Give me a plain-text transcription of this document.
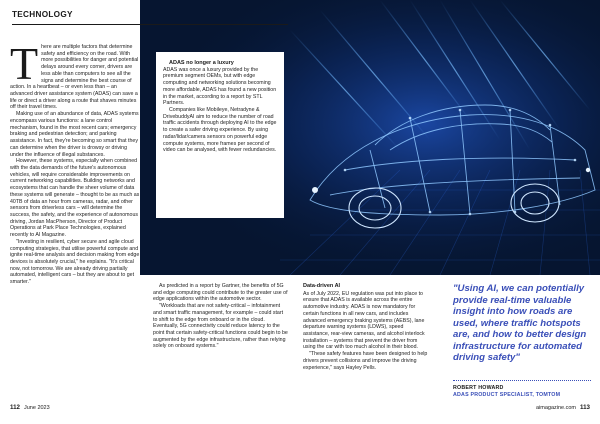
TECHNOLOGY

ADAS no longer a luxury

ADAS was once a luxury provided by the premium segment OEMs, but with edge computing and networking solutions becoming more affordable, ADAS has found a new position in the market, according to a report by STL Partners.

Companies like Mobileye, Netradyne & DrivebuddyAI aim to reduce the number of road traffic accidents through deploying AI to the edge to create a safer driving experience. By using radar/lidar/camera sensors on powerful edge compute systems, more frames per second of video can be analysed, with fewer redundancies.

T here are multiple factors that determine safety and efficiency on the road. With more possibilities for danger and potential delays around every corner, drivers are less able than computers to see all the signs and determine the best course of action. In a heartbeat – or even less than – an advanced driver assistance system (ADAS) can save a life or direct a driver along a route that shaves minutes off their travel times.

Making use of an abundance of data, ADAS systems encompass various functions: a lane control mechanism, found in the most recent cars; emergency braking and pedestrian detection; and parking assistance. In fact, they're becoming so smart that they can determine when the driver is drowsy or driving under the influence of illegal substances.

However, these systems, especially when combined with the data demands of the future's autonomous vehicles, will require considerable improvements on current networking capabilities. Building networks and ecosystems that can handle the sheer volume of data these systems will generate – thought to be as much as 40TB of data an hour from cameras, radar, and other sensors from driverless cars – will determine the success, the safety, and the experience of autonomous driving, Jordan MacPherson, Director of Product Operations at Park Place Technologies, explained recently to AI Magazine.

"Investing in resilient, cyber secure and agile cloud computing strategies, that utilise powerful compute and ignite real-time analysis and decision making from edge devices is absolutely crucial," he explains. "It's critical now, not tomorrow. We are already driving partially automated, intelligent cars – but they are about to get smarter."

As predicted in a report by Gartner, the benefits of 5G and edge computing could contribute to the greater use of edge applications within the automotive sector.

"Workloads that are not safety-critical – infotainment and smart traffic management, for example – could start to shift to the edge from onboard or in the cloud. Eventually, 5G connectivity could reduce latency to the point that certain safety-critical functions could begin to be augmented by the edge infrastructure, rather than relying solely on onboard systems."

Data-driven AI

As of July 2022, EU regulation was put into place to ensure that ADAS is available across the entire automotive industry. ADAS is now mandatory for certain functions in all new cars, and includes advanced emergency braking systems (AEBS), lane departure warning systems (LDWS), speed assistance, rear-view cameras, and alcohol interlock installation – systems that prevent the driver from using the car with too much alcohol in their blood.

"These safety features have been designed to help drivers prevent collisions and improve the driving experience," says Hayley Pells.

"Using AI, we can potentially provide real-time valuable insight into how roads are used, where traffic hotspots are, and how to better design infrastructure for automated driving safety"
ROBERT HOWARD
ADAS PRODUCT SPECIALIST, TOMTOM
112 June 2023	aimagazine.com 113
